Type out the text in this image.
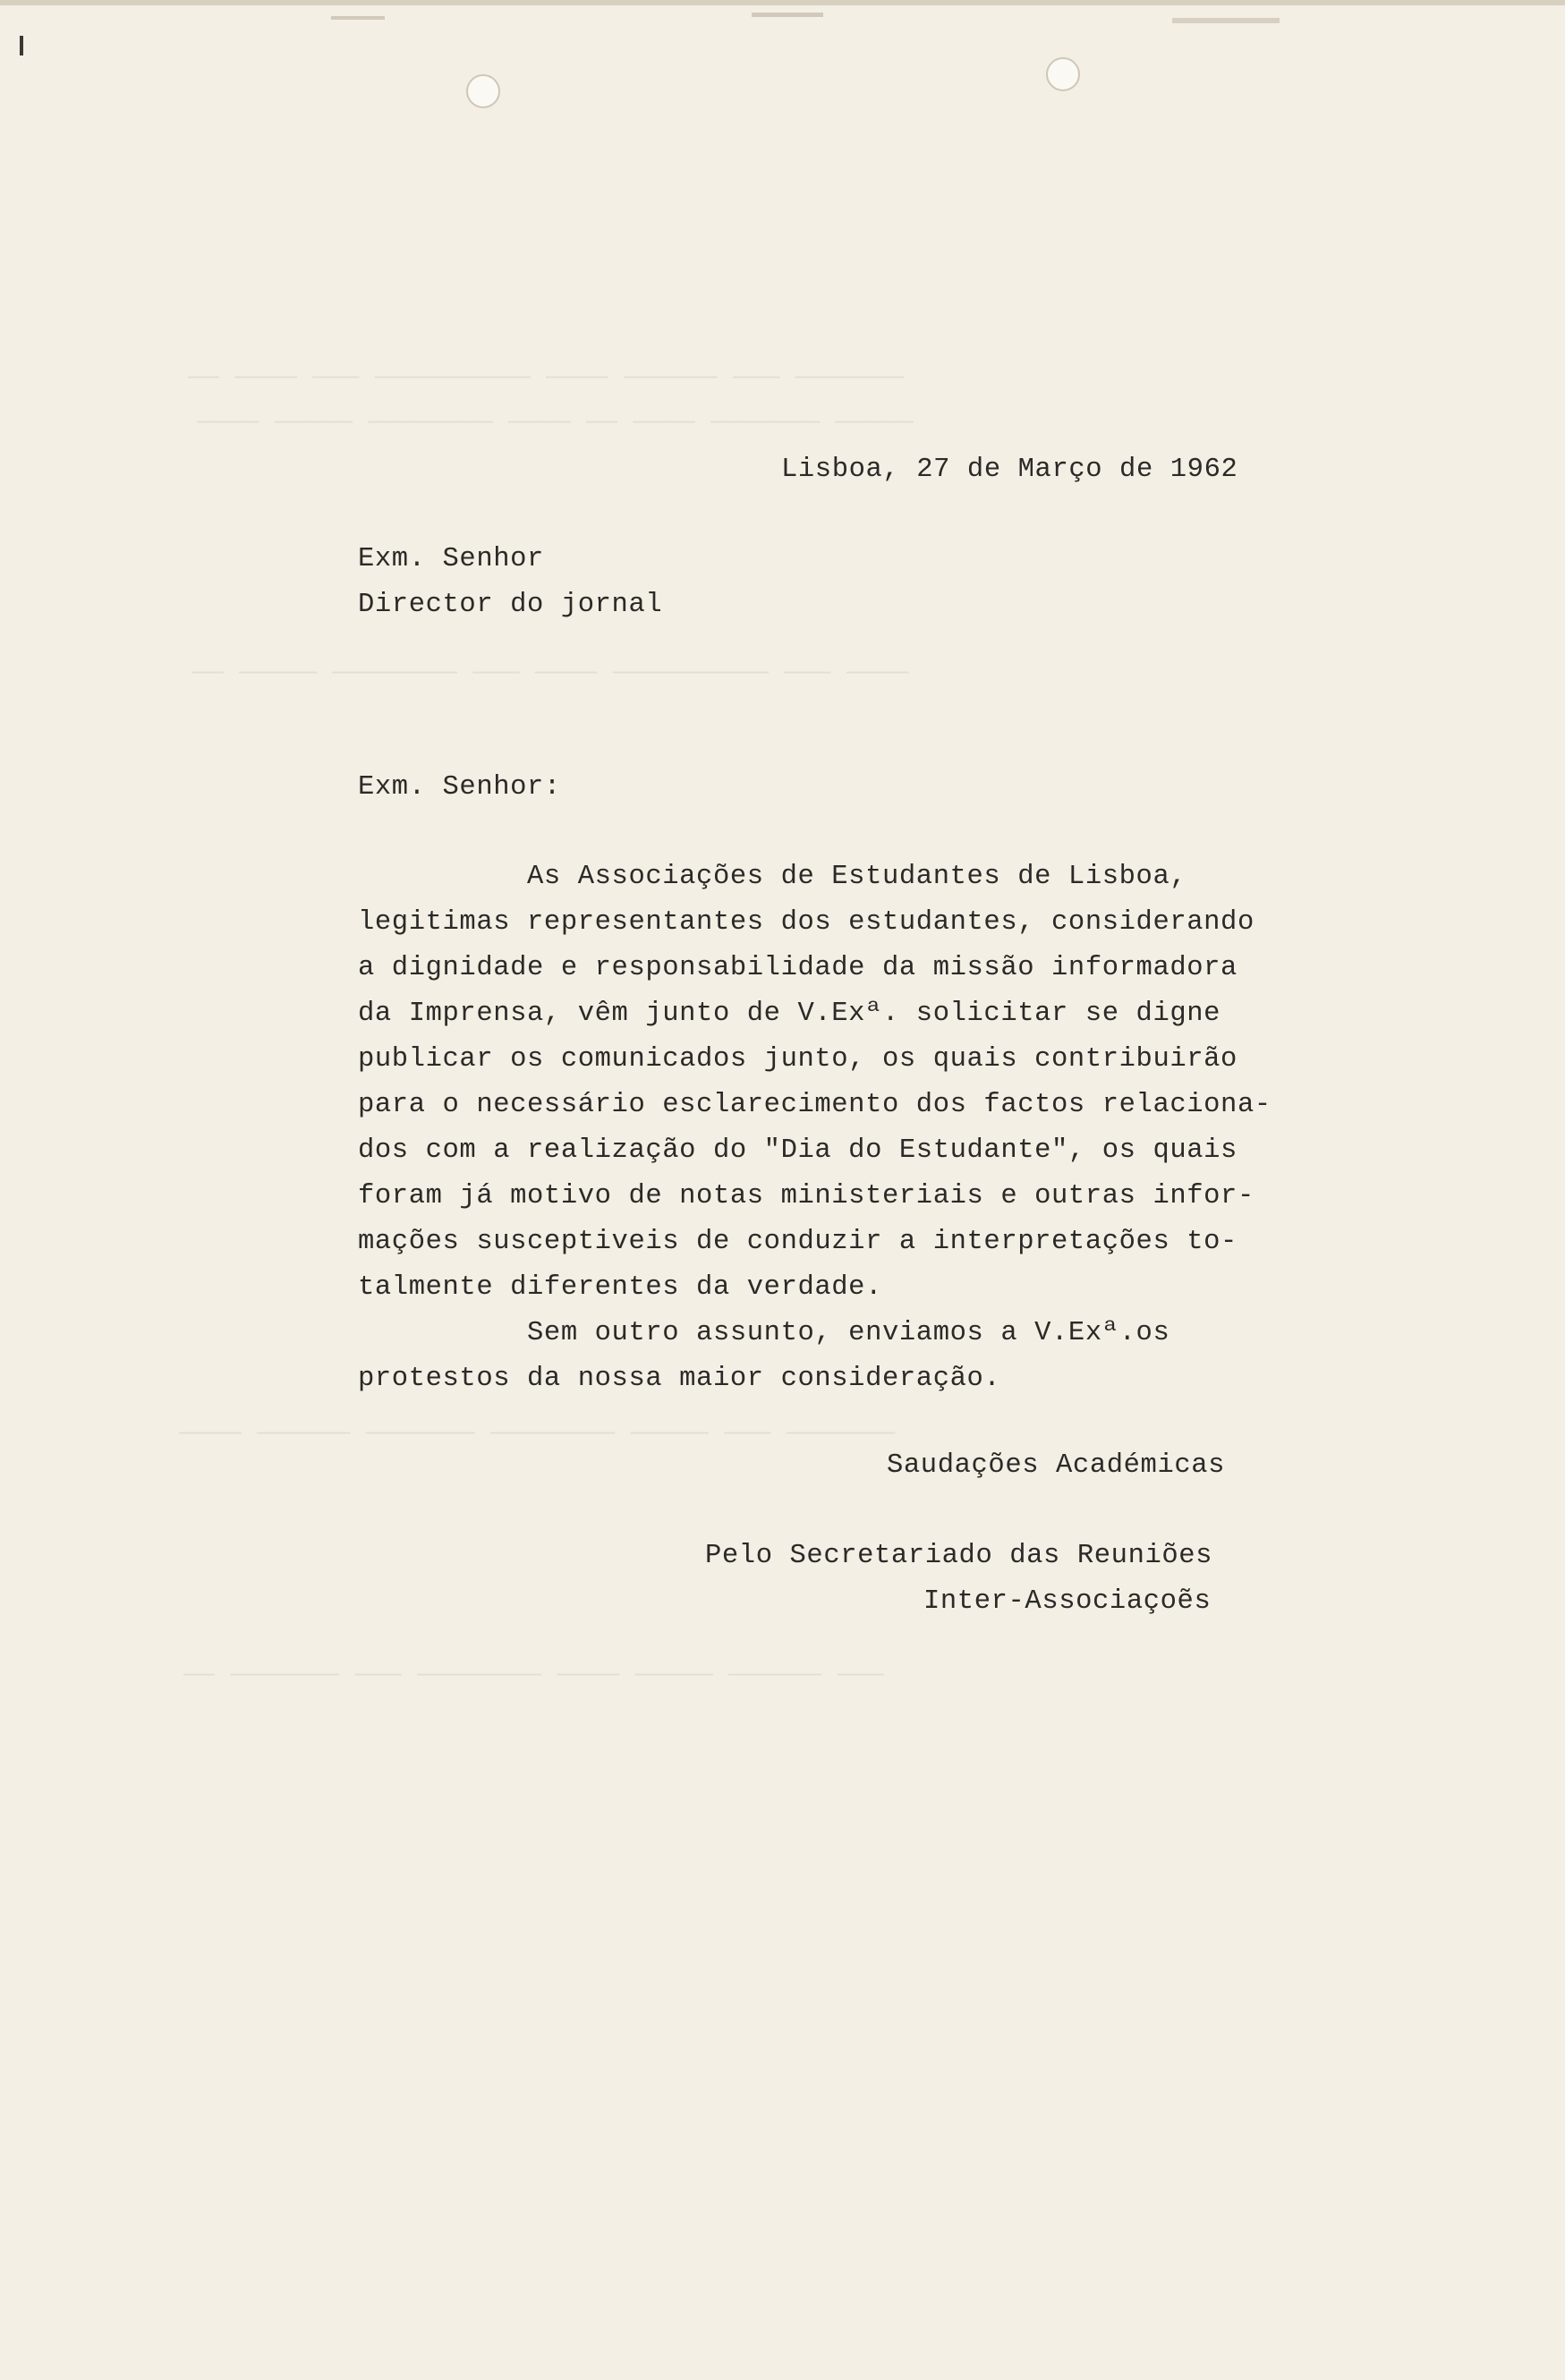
——————— ——— —————— ———— —————————— ——— ———— ——
————— ——————— ———— —— ———— ———————— ————— ————
———— ——— —————————— ———— ——— ———————— ————— ——
——————— ——— ————— ———————— ——————— —————— ————
——— —————— ————— ———— ———————— ——— ——————— ——
Lisboa, 27 de Março de 1962
Exm. Senhor
Director do jornal
Exm. Senhor:
As Associações de Estudantes de Lisboa,
legitimas representantes dos estudantes, considerando
a dignidade e responsabilidade da missão informadora
da Imprensa, vêm junto de V.Exª. solicitar se digne
publicar os comunicados junto, os quais contribuirão
para o necessário esclarecimento dos factos relaciona-
dos com a realização do "Dia do Estudante", os quais
foram já motivo de notas ministeriais e outras infor-
mações susceptiveis de conduzir a interpretações to-
talmente diferentes da verdade.
Sem outro assunto, enviamos a V.Exª.os
protestos da nossa maior consideração.
Saudações Académicas
Pelo Secretariado das Reuniões
Inter-Associaçoẽs
